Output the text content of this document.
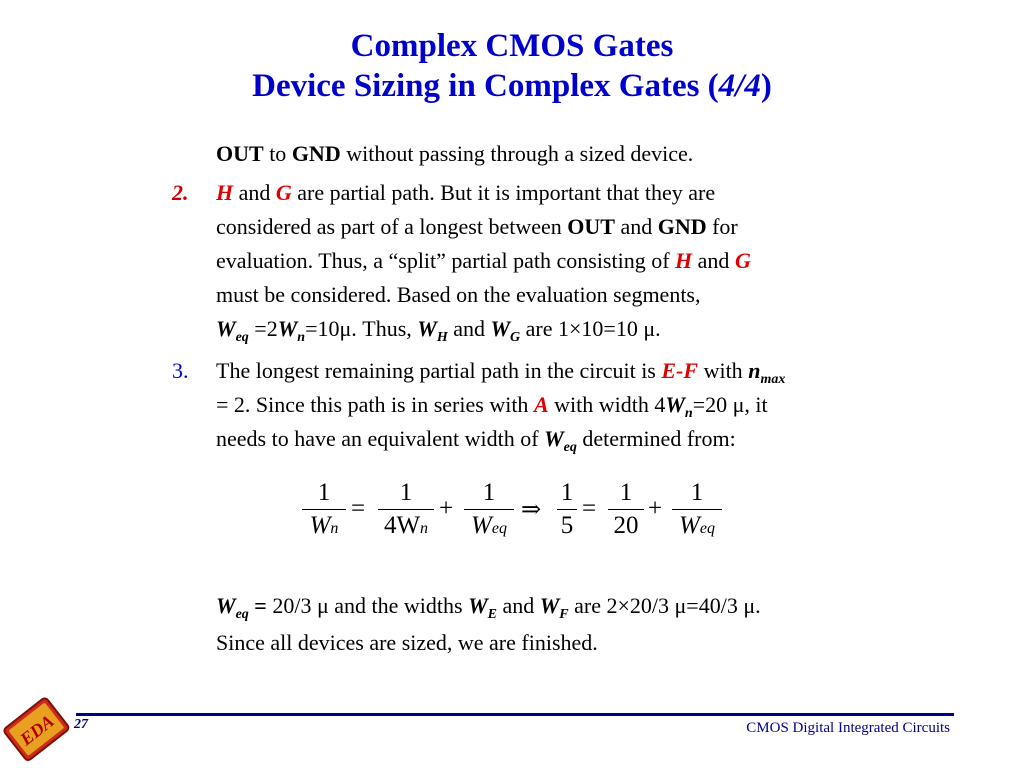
Complex CMOS Gates
Device Sizing in Complex Gates (4/4)
OUT to GND without passing through a sized device.
2. H and G are partial path. But it is important that they are
considered as part of a longest between OUT and GND for
evaluation. Thus, a “split” partial path consisting of H and G
must be considered. Based on the evaluation segments,
$W_{eq} =2W_n=10\mu$. Thus, $W_H$ and $W_G$ are 1×10=10 μ.
3. The longest remaining partial path in the circuit is E-F with $n_{max}$
= 2. Since this path is in series with A with width $4W_n=20$ μ, it
needs to have an equivalent width of $W_{eq}$ determined from:
1
Wn
=
1
4Wn
+
1
Weq
⇒
1
5
=
1
20
+
1
Weq
$W_{eq} = 20/3$ μ and the widths $W_E$ and $W_F$ are 2×20/3 μ=40/3 μ.
Since all devices are sized, we are finished.
EDA 27	CMOS Digital Integrated Circuits
